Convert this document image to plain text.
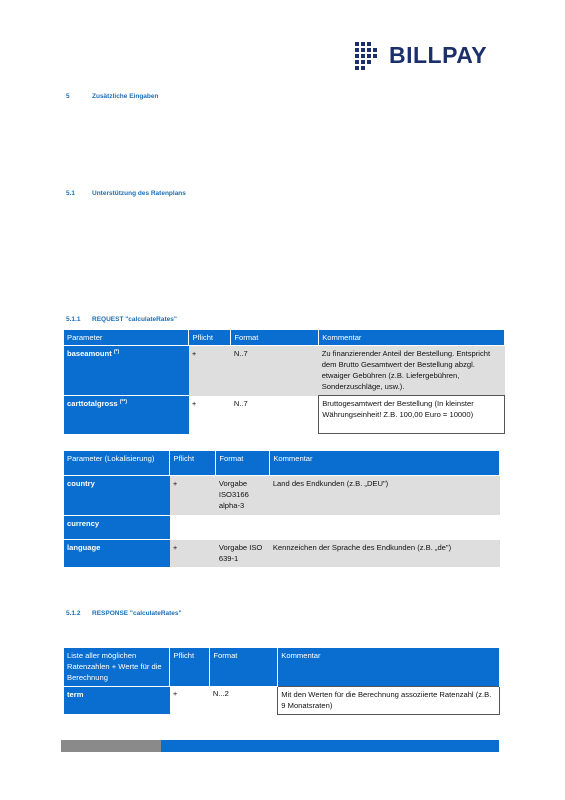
BILLPAY
5	Zusätzliche Eingaben
5.1	Unterstützung des Ratenplans
5.1.1 REQUEST "calculateRates"
5.1.2 RESPONSE "calculateRates"
Parameter	Pflicht	Format	Kommentar
baseamount (*)	+	N..7	Zu finanzierender Anteil der Bestellung. Entspricht dem Brutto Gesamtwert der Bestellung abzgl. etwaiger Gebühren (z.B. Liefergebühren, Sonderzuschläge, usw.).
carttotalgross (**)	+	N..7	Bruttogesamtwert der Bestellung (In kleinster Währungseinheit! Z.B. 100,00 Euro = 10000)
Parameter (Lokalisierung)	Pflicht	Format	Kommentar
country	+	Vorgabe ISO3166 alpha-3	Land des Endkunden (z.B. „DEU")
currency			
language	+	Vorgabe ISO 639-1	Kennzeichen der Sprache des Endkunden (z.B. „de")
Liste aller möglichen Ratenzahlen + Werte für die Berechnung	Pflicht	Format	Kommentar
term	+	N...2	Mit den Werten für die Berechnung assoziierte Ratenzahl (z.B. 9 Monatsraten)
